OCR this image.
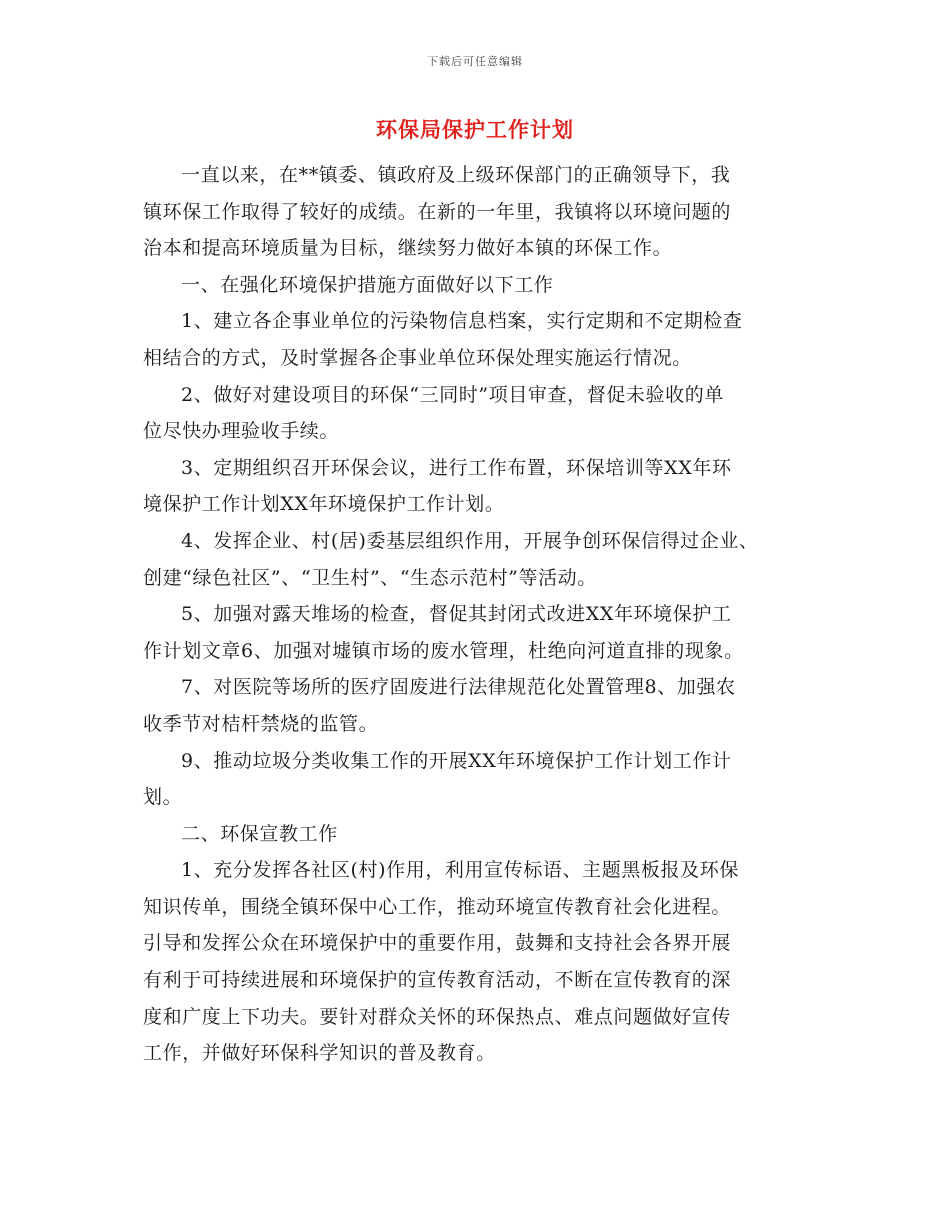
下载后可任意编辑
环保局保护工作计划
一直以来，在**镇委、镇政府及上级环保部门的正确领导下，我
镇环保工作取得了较好的成绩。在新的一年里，我镇将以环境问题的
治本和提高环境质量为目标，继续努力做好本镇的环保工作。
一、在强化环境保护措施方面做好以下工作
1、建立各企事业单位的污染物信息档案，实行定期和不定期检查
相结合的方式，及时掌握各企事业单位环保处理实施运行情况。
2、做好对建设项目的环保“三同时”项目审查，督促未验收的单
位尽快办理验收手续。
3、定期组织召开环保会议，进行工作布置，环保培训等XX年环
境保护工作计划XX年环境保护工作计划。
4、发挥企业、村(居)委基层组织作用，开展争创环保信得过企业、
创建“绿色社区”、“卫生村”、“生态示范村”等活动。
5、加强对露天堆场的检查，督促其封闭式改进XX年环境保护工
作计划文章6、加强对墟镇市场的废水管理，杜绝向河道直排的现象。
7、对医院等场所的医疗固废进行法律规范化处置管理8、加强农
收季节对桔杆禁烧的监管。
9、推动垃圾分类收集工作的开展XX年环境保护工作计划工作计
划。
二、环保宣教工作
1、充分发挥各社区(村)作用，利用宣传标语、主题黑板报及环保
知识传单，围绕全镇环保中心工作，推动环境宣传教育社会化进程。
引导和发挥公众在环境保护中的重要作用，鼓舞和支持社会各界开展
有利于可持续进展和环境保护的宣传教育活动，不断在宣传教育的深
度和广度上下功夫。要针对群众关怀的环保热点、难点问题做好宣传
工作，并做好环保科学知识的普及教育。
